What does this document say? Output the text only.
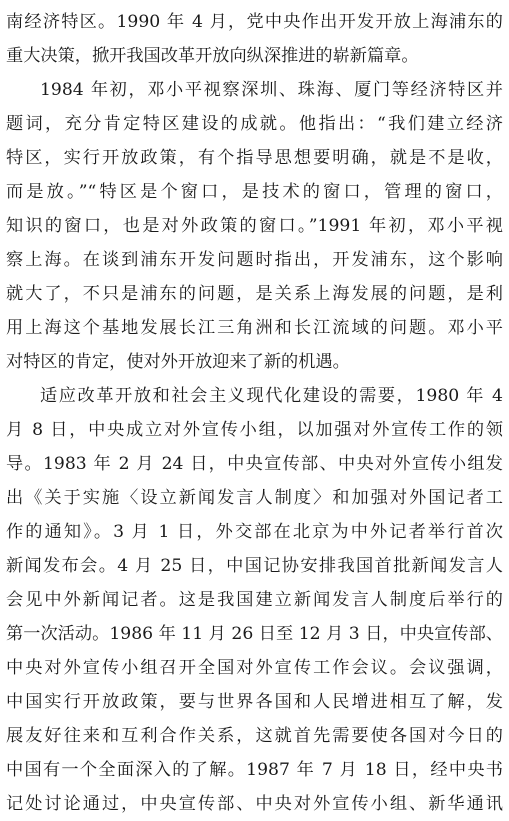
南经济特区。1990 年 4 月，党中央作出开发开放上海浦东的
重大决策，掀开我国改革开放向纵深推进的崭新篇章。
1984 年初，邓小平视察深圳、珠海、厦门等经济特区并
题词，充分肯定特区建设的成就。他指出：“我们建立经济
特区，实行开放政策，有个指导思想要明确，就是不是收，
而是放。”“特区是个窗口，是技术的窗口，管理的窗口，
知识的窗口，也是对外政策的窗口。”1991 年初，邓小平视
察上海。在谈到浦东开发问题时指出，开发浦东，这个影响
就大了，不只是浦东的问题，是关系上海发展的问题，是利
用上海这个基地发展长江三角洲和长江流域的问题。邓小平
对特区的肯定，使对外开放迎来了新的机遇。
适应改革开放和社会主义现代化建设的需要，1980 年 4
月 8 日，中央成立对外宣传小组，以加强对外宣传工作的领
导。1983 年 2 月 24 日，中央宣传部、中央对外宣传小组发
出《关于实施〈设立新闻发言人制度〉和加强对外国记者工
作的通知》。3 月 1 日，外交部在北京为中外记者举行首次
新闻发布会。4 月 25 日，中国记协安排我国首批新闻发言人
会见中外新闻记者。这是我国建立新闻发言人制度后举行的
第一次活动。1986 年 11 月 26 日至 12 月 3 日，中央宣传部、
中央对外宣传小组召开全国对外宣传工作会议。会议强调，
中国实行开放政策，要与世界各国和人民增进相互了解，发
展友好往来和互利合作关系，这就首先需要使各国对今日的
中国有一个全面深入的了解。1987 年 7 月 18 日，经中央书
记处讨论通过，中央宣传部、中央对外宣传小组、新华通讯
